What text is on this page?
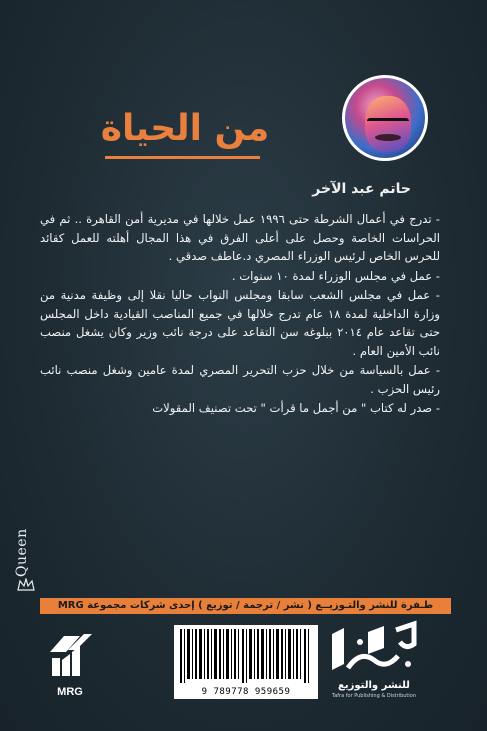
من الحياة
حاتم عبد الآخر

- تدرج في أعمال الشرطة حتى ١٩٩٦ عمل خلالها في مديرية أمن القاهرة .. ثم في الحراسات الخاصة وحصل على أعلى الفرق في هذا المجال أهلته للعمل كقائد للحرس الخاص لرئيس الوزراء المصري د.عاطف صدقي .

- عمل في مجلس الوزراء لمدة ١٠ سنوات .

- عمل في مجلس الشعب سابقا ومجلس النواب حاليا نقلا إلى وظيفة مدنية من وزارة الداخلية لمدة ١٨ عام تدرج خلالها في جميع المناصب القيادية داخل المجلس حتى تقاعد عام ٢٠١٤ ببلوغه سن التقاعد على درجة نائب وزير وكان يشغل منصب نائب الأمين العام .

- عمل بالسياسة من خلال حزب التحرير المصري لمدة عامين وشغل منصب نائب رئيس الحزب .

- صدر له كتاب " من أجمل ما قرأت " تحت تصنيف المقولات

Queen
طـفرة للنشر والتـوزيــع ( نشر / ترجمة / توزيع ) إحدى شركات مجموعة MRG
MRG	9 789778 959659
للنشر والتوزيع
Tafra for Publishing & Distribution
